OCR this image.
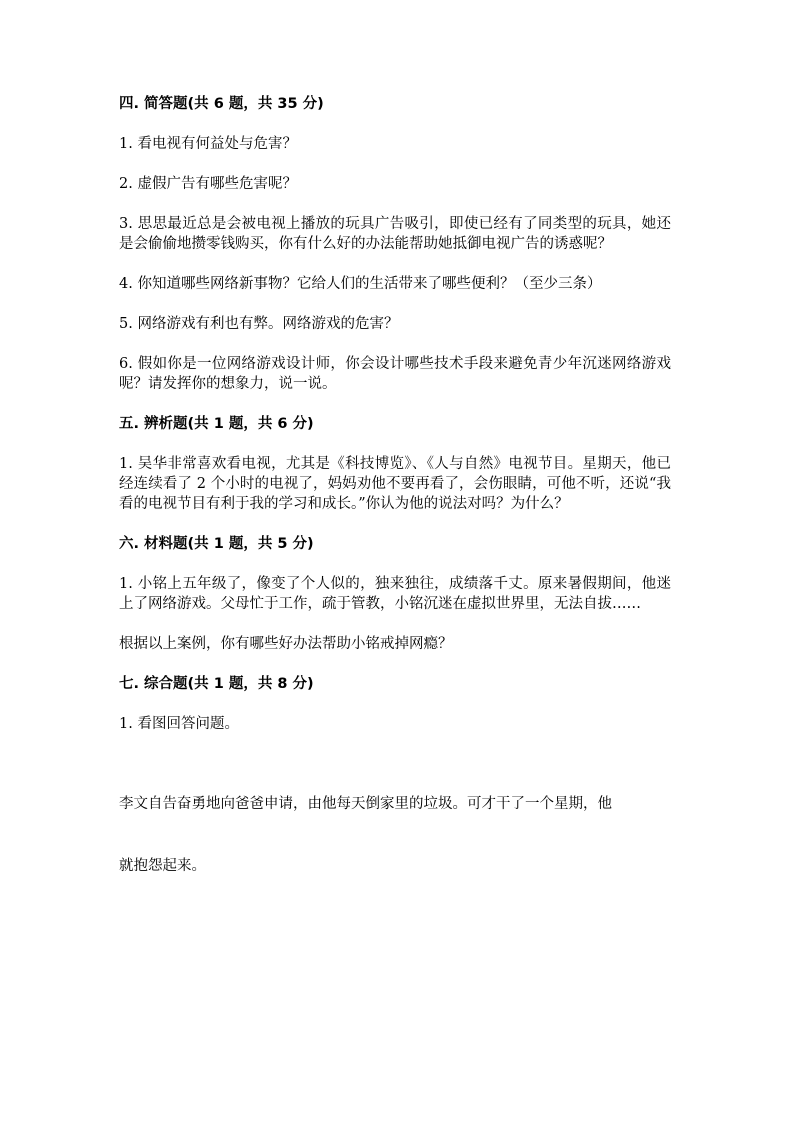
四. 简答题(共 6 题，共 35 分)
1. 看电视有何益处与危害？
2. 虚假广告有哪些危害呢？
3. 思思最近总是会被电视上播放的玩具广告吸引，即使已经有了同类型的玩具，她还是会偷偷地攒零钱购买，你有什么好的办法能帮助她抵御电视广告的诱惑呢？
4. 你知道哪些网络新事物？它给人们的生活带来了哪些便利？（至少三条）
5. 网络游戏有利也有弊。网络游戏的危害？
6. 假如你是一位网络游戏设计师，你会设计哪些技术手段来避免青少年沉迷网络游戏呢？请发挥你的想象力，说一说。
五. 辨析题(共 1 题，共 6 分)
1. 吴华非常喜欢看电视，尤其是《科技博览》、《人与自然》电视节目。星期天，他已经连续看了 2 个小时的电视了，妈妈劝他不要再看了，会伤眼睛，可他不听，还说“我看的电视节目有利于我的学习和成长。”你认为他的说法对吗？为什么？
六. 材料题(共 1 题，共 5 分)
1. 小铭上五年级了，像变了个人似的，独来独往，成绩落千丈。原来暑假期间，他迷上了网络游戏。父母忙于工作，疏于管教，小铭沉迷在虚拟世界里，无法自拔……
根据以上案例，你有哪些好办法帮助小铭戒掉网瘾？
七. 综合题(共 1 题，共 8 分)
1. 看图回答问题。
李文自告奋勇地向爸爸申请，由他每天倒家里的垃圾。可才干了一个星期，他
就抱怨起来。
